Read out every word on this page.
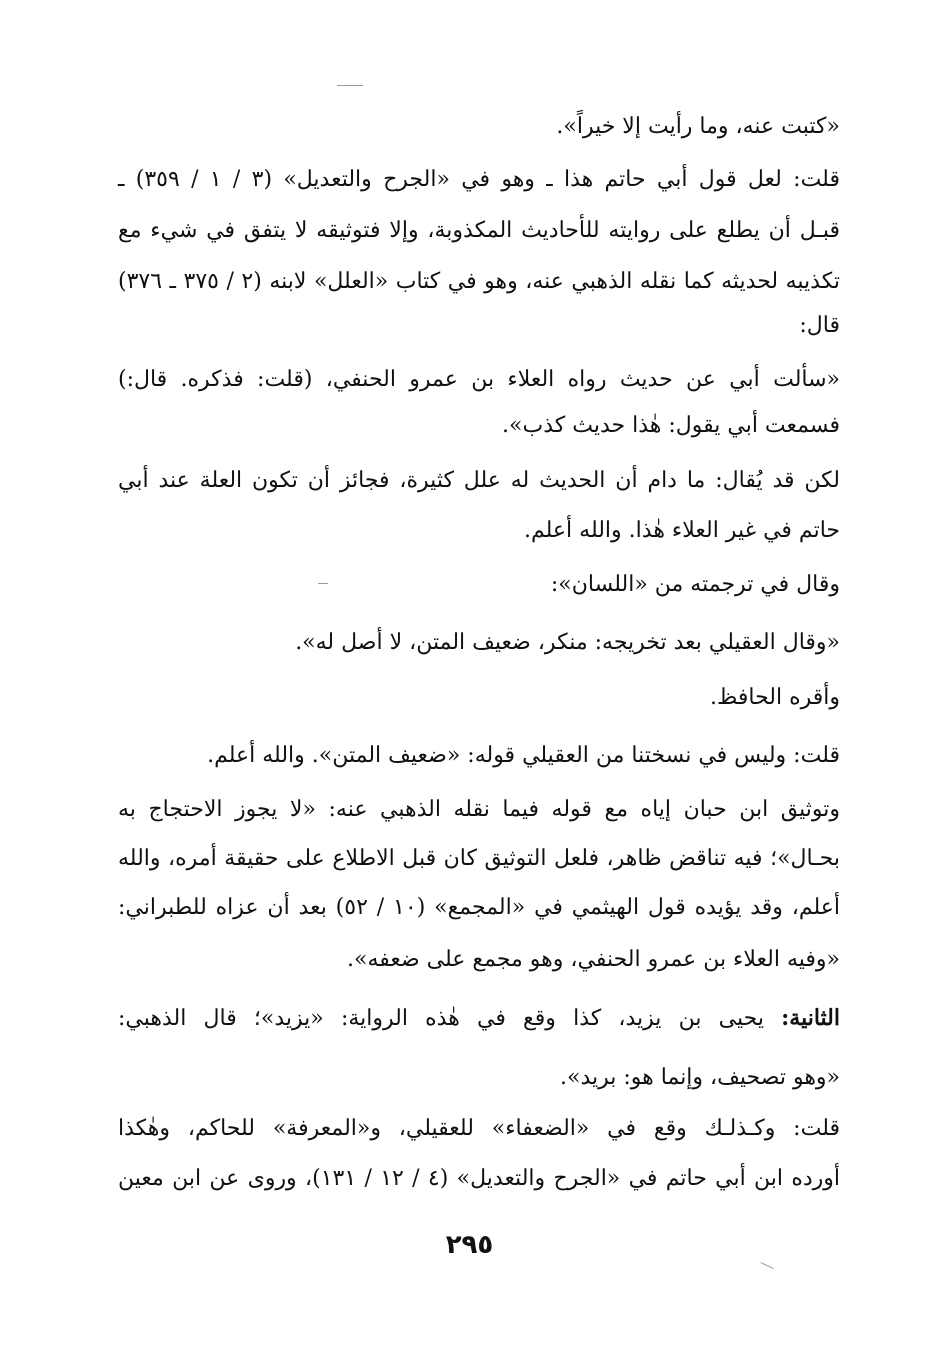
«كتبت عنه، وما رأيت إلا خيراً».
قلت: لعل قول أبي حاتم هذا ـ وهو في «الجرح والتعديل» (٣ / ١ / ٣٥٩) ـ
قبـل أن يطلع على روايته للأحاديث المكذوبة، وإلا فتوثيقه لا يتفق في شيء مع
تكذيبه لحديثه كما نقله الذهبي عنه، وهو في كتاب «العلل» لابنه (٢ / ٣٧٥ ـ ٣٧٦)
قال:
«سألت أبي عن حديث رواه العلاء بن عمرو الحنفي، (قلت: فذكره. قال:)
فسمعت أبي يقول: هٰذا حديث كذب».
لكن قد يُقال: ما دام أن الحديث له علل كثيرة، فجائز أن تكون العلة عند أبي
حاتم في غير العلاء هٰذا. والله أعلم.
وقال في ترجمته من «اللسان»:
«وقال العقيلي بعد تخريجه: منكر، ضعيف المتن، لا أصل له».
وأقره الحافظ.
قلت: وليس في نسختنا من العقيلي قوله: «ضعيف المتن». والله أعلم.
وتوثيق ابن حبان إياه مع قوله فيما نقله الذهبي عنه: «لا يجوز الاحتجاج به
بحـال»؛ فيه تناقض ظاهر، فلعل التوثيق كان قبل الاطلاع على حقيقة أمره، والله
أعلم، وقد يؤيده قول الهيثمي في «المجمع» (١٠ / ٥٢) بعد أن عزاه للطبراني:
«وفيه العلاء بن عمرو الحنفي، وهو مجمع على ضعفه».
الثانية: يحيى بن يزيد، كذا وقع في هٰذه الرواية: «يزيد»؛ قال الذهبي:
«وهو تصحيف، وإنما هو: بريد».
قلت: وكـذلـك وقع في «الضعفاء» للعقيلي، و«المعرفة» للحاكم، وهٰكذا
أورده ابن أبي حاتم في «الجرح والتعديل» (٤ / ١٢ / ١٣١)، وروى عن ابن معين
٢٩٥
